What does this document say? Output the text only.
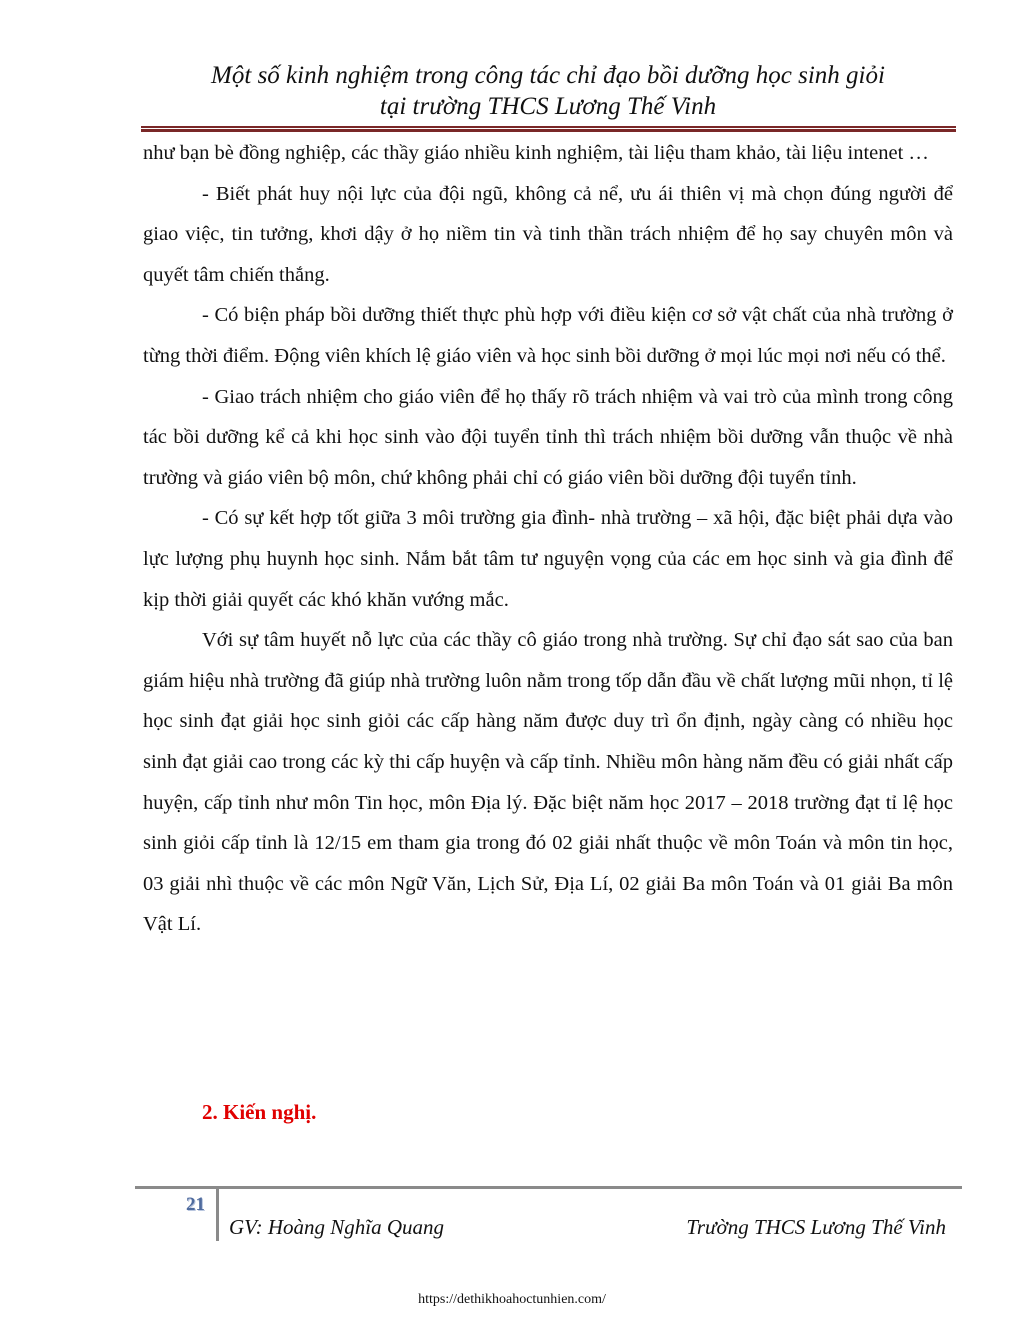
Một số kinh nghiệm trong công tác chỉ đạo bồi dưỡng học sinh giỏi
tại trường THCS Lương Thế Vinh

như bạn bè đồng nghiệp, các thầy giáo nhiều kinh nghiệm, tài liệu tham khảo, tài liệu intenet …

- Biết phát huy nội lực của đội ngũ, không cả nể, ưu ái thiên vị mà chọn đúng người để giao việc, tin tưởng, khơi dậy ở họ niềm tin và tinh thần trách nhiệm để họ say chuyên môn và quyết tâm chiến thắng.

- Có biện pháp bồi dưỡng thiết thực phù hợp với điều kiện cơ sở vật chất của nhà trường ở từng thời điểm. Động viên khích lệ giáo viên và học sinh bồi dưỡng ở mọi lúc mọi nơi nếu có thể.

- Giao trách nhiệm cho giáo viên để họ thấy rõ trách nhiệm và vai trò của mình trong công tác bồi dưỡng kể cả khi học sinh vào đội tuyển tỉnh thì trách nhiệm bồi dưỡng vẫn thuộc về nhà trường và giáo viên bộ môn, chứ không phải chỉ có giáo viên bồi dưỡng đội tuyển tỉnh.

- Có sự kết hợp tốt giữa 3 môi trường gia đình- nhà trường – xã hội, đặc biệt phải dựa vào lực lượng phụ huynh học sinh. Nắm bắt tâm tư nguyện vọng của các em học sinh và gia đình để kịp thời giải quyết các khó khăn vướng mắc.

Với sự tâm huyết nỗ lực của các thầy cô giáo trong nhà trường. Sự chỉ đạo sát sao của ban giám hiệu nhà trường đã giúp nhà trường luôn nằm trong tốp dẫn đầu về chất lượng mũi nhọn, tỉ lệ học sinh đạt giải học sinh giỏi các cấp hàng năm được duy trì ổn định, ngày càng có nhiều học sinh đạt giải cao trong các kỳ thi cấp huyện và cấp tỉnh. Nhiều môn hàng năm đều có giải nhất cấp huyện, cấp tỉnh như môn Tin học, môn Địa lý. Đặc biệt năm học 2017 – 2018 trường đạt tỉ lệ học sinh giỏi cấp tỉnh là 12/15 em tham gia trong đó 02 giải nhất thuộc về môn Toán và môn tin học, 03 giải nhì thuộc về các môn Ngữ Văn, Lịch Sử, Địa Lí, 02 giải Ba môn Toán và 01 giải Ba môn Vật Lí.

2. Kiến nghị.
21
GV: Hoàng Nghĩa Quang	Trường THCS Lương Thế Vinh
https://dethikhoahoctunhien.com/
